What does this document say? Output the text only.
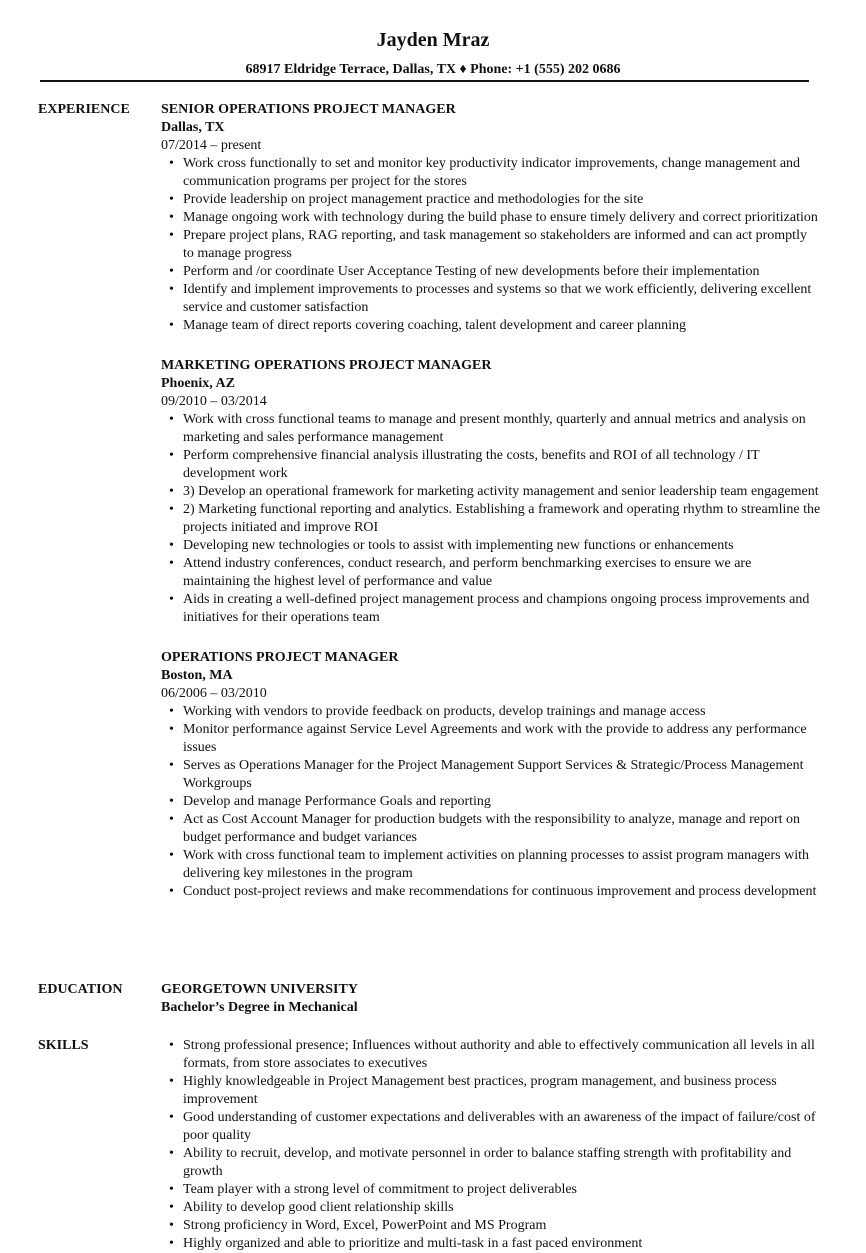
Jayden Mraz
68917 Eldridge Terrace, Dallas, TX ♦ Phone: +1 (555) 202 0686
EXPERIENCE SENIOR OPERATIONS PROJECT MANAGER

Dallas, TX

07/2014 – present

• Work cross functionally to set and monitor key productivity indicator improvements, change management and communication programs per project for the stores
• Provide leadership on project management practice and methodologies for the site
• Manage ongoing work with technology during the build phase to ensure timely delivery and correct prioritization
• Prepare project plans, RAG reporting, and task management so stakeholders are informed and can act promptly to manage progress
• Perform and /or coordinate User Acceptance Testing of new developments before their implementation
• Identify and implement improvements to processes and systems so that we work efficiently, delivering excellent service and customer satisfaction
• Manage team of direct reports covering coaching, talent development and career planning

MARKETING OPERATIONS PROJECT MANAGER

Phoenix, AZ

09/2010 – 03/2014

• Work with cross functional teams to manage and present monthly, quarterly and annual metrics and analysis on marketing and sales performance management
• Perform comprehensive financial analysis illustrating the costs, benefits and ROI of all technology / IT development work
• 3) Develop an operational framework for marketing activity management and senior leadership team engagement
• 2) Marketing functional reporting and analytics. Establishing a framework and operating rhythm to streamline the projects initiated and improve ROI
• Developing new technologies or tools to assist with implementing new functions or enhancements
• Attend industry conferences, conduct research, and perform benchmarking exercises to ensure we are maintaining the highest level of performance and value
• Aids in creating a well-defined project management process and champions ongoing process improvements and initiatives for their operations team

OPERATIONS PROJECT MANAGER

Boston, MA

06/2006 – 03/2010

• Working with vendors to provide feedback on products, develop trainings and manage access
• Monitor performance against Service Level Agreements and work with the provide to address any performance issues
• Serves as Operations Manager for the Project Management Support Services & Strategic/Process Management Workgroups
• Develop and manage Performance Goals and reporting
• Act as Cost Account Manager for production budgets with the responsibility to analyze, manage and report on budget performance and budget variances
• Work with cross functional team to implement activities on planning processes to assist program managers with delivering key milestones in the program
• Conduct post-project reviews and make recommendations for continuous improvement and process development
EDUCATION	GEORGETOWN UNIVERSITY

Bachelor’s Degree in Mechanical

SKILLS
•	Strong professional presence; Influences without authority and able to effectively communication all levels in all formats, from store associates to executives
• Highly knowledgeable in Project Management best practices, program management, and business process improvement
• Good understanding of customer expectations and deliverables with an awareness of the impact of failure/cost of poor quality
• Ability to recruit, develop, and motivate personnel in order to balance staffing strength with profitability and growth
• Team player with a strong level of commitment to project deliverables
• Ability to develop good client relationship skills
• Strong proficiency in Word, Excel, PowerPoint and MS Program
• Highly organized and able to prioritize and multi-task in a fast paced environment
